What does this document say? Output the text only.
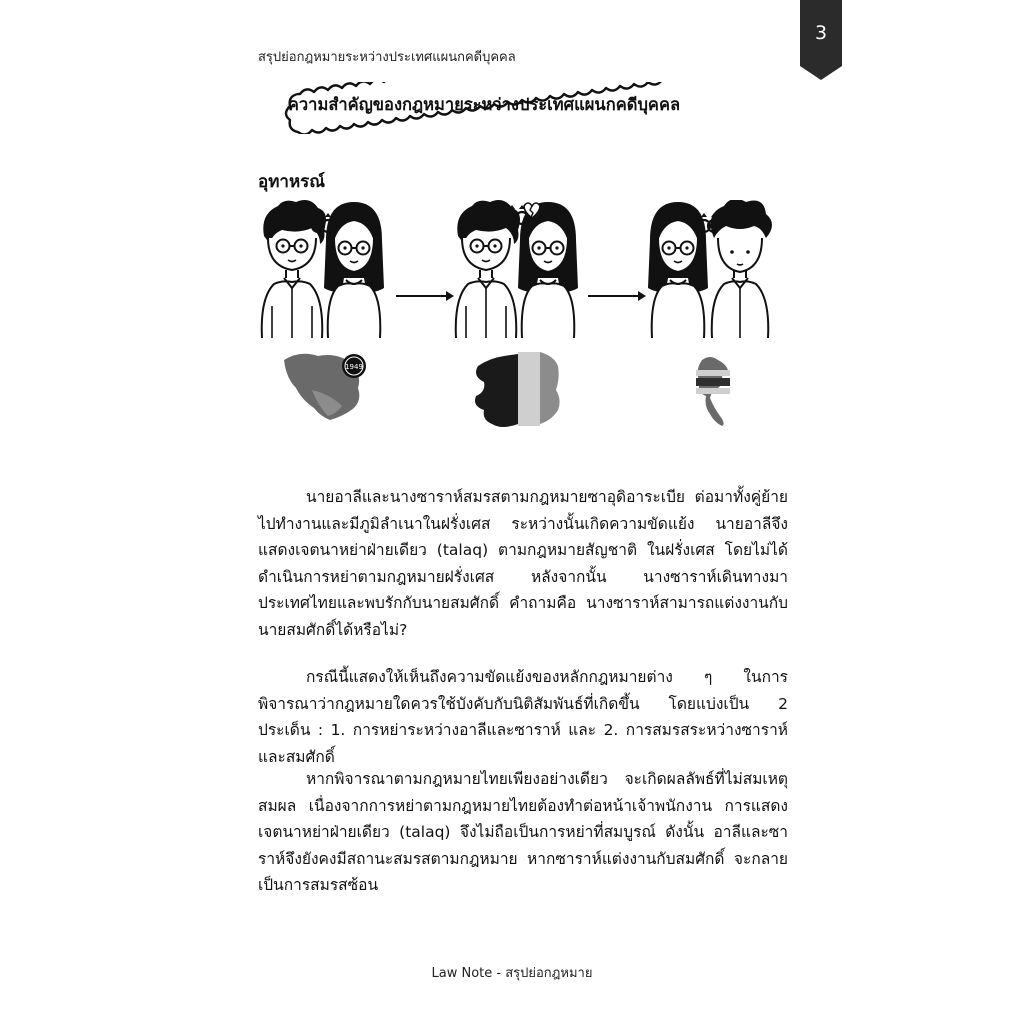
3
สรุปย่อกฎหมายระหว่างประเทศแผนกคดีบุคคล
ความสำคัญของกฎหมายระหว่างประเทศแผนกคดีบุคคล
อุทาหรณ์
1949

นายอาลีและนางซาราห์สมรสตามกฎหมายซาอุดิอาระเบีย ต่อมาทั้งคู่ย้ายไปทำงานและมีภูมิลำเนาในฝรั่งเศส ระหว่างนั้นเกิดความขัดแย้ง นายอาลีจึงแสดงเจตนาหย่าฝ่ายเดียว (talaq) ตามกฎหมายสัญชาติ ในฝรั่งเศส โดยไม่ได้ดำเนินการหย่าตามกฎหมายฝรั่งเศส หลังจากนั้น นางซาราห์เดินทางมาประเทศไทยและพบรักกับนายสมศักดิ์ คำถามคือ นางซาราห์สามารถแต่งงานกับนายสมศักดิ์ได้หรือไม่?

กรณีนี้แสดงให้เห็นถึงความขัดแย้งของหลักกฎหมายต่าง ๆ ในการพิจารณาว่ากฎหมายใดควรใช้บังคับกับนิติสัมพันธ์ที่เกิดขึ้น โดยแบ่งเป็น 2 ประเด็น : 1. การหย่าระหว่างอาลีและซาราห์ และ 2. การสมรสระหว่างซาราห์และสมศักดิ์

หากพิจารณาตามกฎหมายไทยเพียงอย่างเดียว จะเกิดผลลัพธ์ที่ไม่สมเหตุสมผล เนื่องจากการหย่าตามกฎหมายไทยต้องทำต่อหน้าเจ้าพนักงาน การแสดงเจตนาหย่าฝ่ายเดียว (talaq) จึงไม่ถือเป็นการหย่าที่สมบูรณ์ ดังนั้น อาลีและซาราห์จึงยังคงมีสถานะสมรสตามกฎหมาย หากซาราห์แต่งงานกับสมศักดิ์ จะกลายเป็นการสมรสซ้อน

Law Note - สรุปย่อกฎหมาย
